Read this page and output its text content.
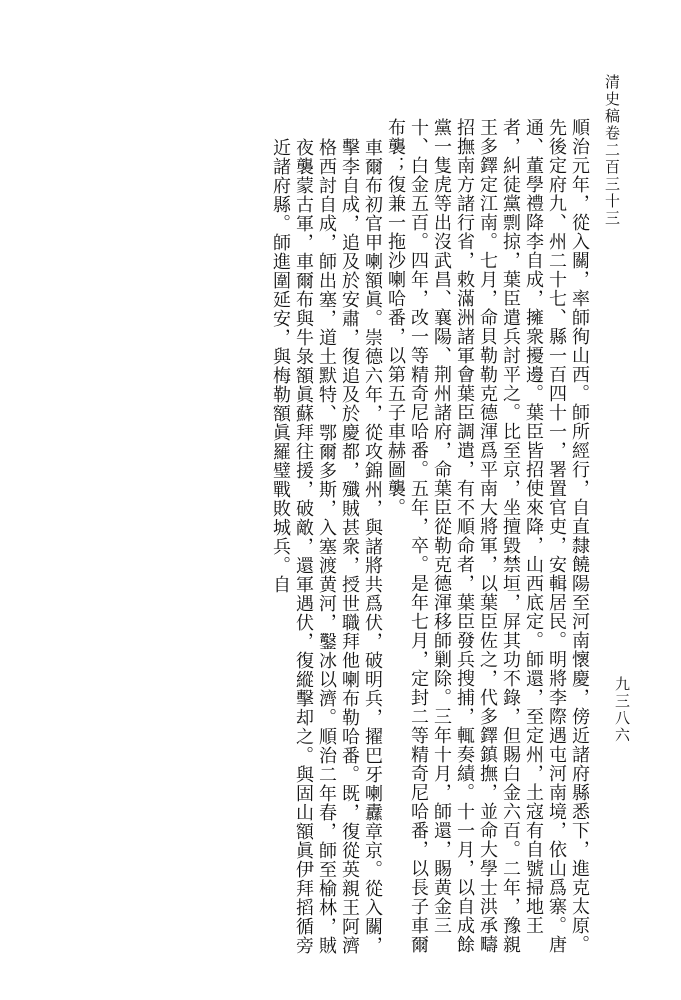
清史稿卷二百三十三
九三八六

順治元年，從入關，率師徇山西。師所經行，自直隸饒陽至河南懷慶，傍近諸府縣悉下，進克太原。先後定府九、州二十七、縣一百四十一，署置官吏，安輯居民。明將李際遇屯河南境，依山爲寨。唐通、董學禮降李自成，擁衆擾邊。葉臣皆招使來降，山西底定。師還，至定州，土寇有自號掃地王者，糾徒黨剽掠，葉臣遣兵討平之。比至京，坐擅毀禁垣，屏其功不錄，但賜白金六百。二年，豫親王多鐸定江南。七月，命貝勒勒克德渾爲平南大將軍，以葉臣佐之，代多鐸鎮撫，並命大學士洪承疇招撫南方諸行省，敕滿洲諸軍會葉臣調遣，有不順命者，葉臣發兵搜捕，輒奏績。十一月，以自成餘黨一隻虎等出沒武昌、襄陽、荆州諸府，命葉臣從勒克德渾移師剿除。三年十月，師還，賜黄金三十、白金五百。四年，改一等精奇尼哈番。五年，卒。是年七月，定封二等精奇尼哈番，以長子車爾布襲；復兼一拖沙喇哈番，以第五子車赫圖襲。

車爾布初官甲喇額眞。崇德六年，從攻錦州，與諸將共爲伏，破明兵，擢巴牙喇纛章京。從入關，擊李自成，追及於安肅，復追及於慶都，殲賊甚衆，授世職拜他喇布勒哈番。既，復從英親王阿濟格西討自成，師出塞，道土默特、鄂爾多斯，入塞渡黄河，鑿冰以濟。順治二年春，師至榆林，賊夜襲蒙古軍，車爾布與牛彔額眞蘇拜往援，破敵，還軍遇伏，復縱擊却之。與固山額眞伊拜搯循旁近諸府縣。師進圍延安，與梅勒額眞羅璧戰敗城兵。自
